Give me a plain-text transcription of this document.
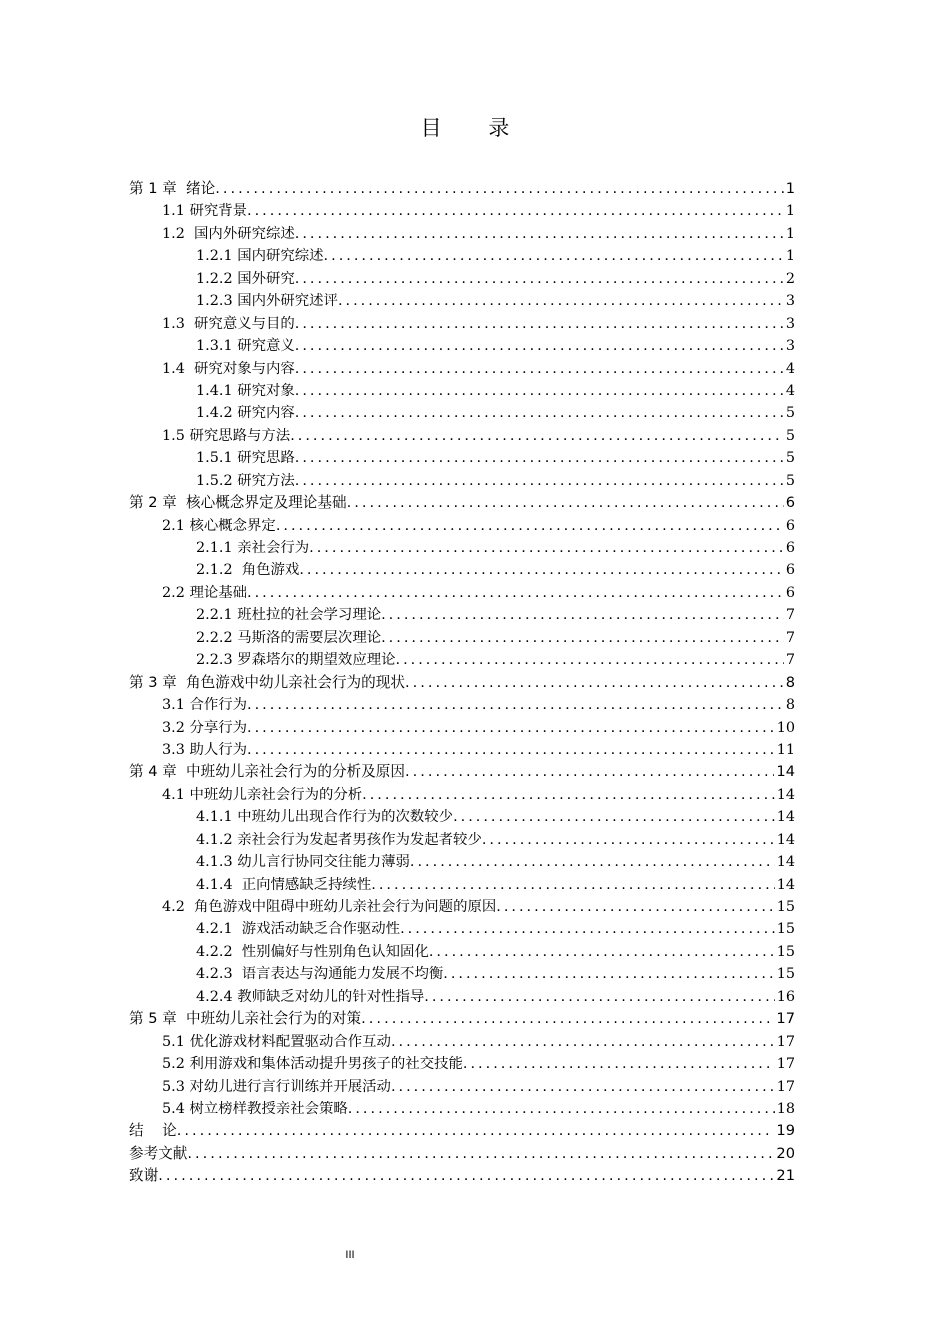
目 录
第 1 章  绪论 .....	1
1.1 研究背景 .....	1
1.2  国内外研究综述 .....	1
1.2.1 国内研究综述 .....	1
1.2.2 国外研究 .....	2
1.2.3 国内外研究述评 .....	3
1.3  研究意义与目的 .....	3
1.3.1 研究意义 .....	3
1.4  研究对象与内容 .....	4
1.4.1 研究对象 .....	4
1.4.2 研究内容 .....	5
1.5 研究思路与方法 .....	5
1.5.1 研究思路 .....	5
1.5.2 研究方法 .....	5
第 2 章  核心概念界定及理论基础 .....	6
2.1 核心概念界定 .....	6
2.1.1 亲社会行为 .....	6
2.1.2  角色游戏 .....	6
2.2 理论基础 .....	6
2.2.1 班杜拉的社会学习理论 .....	7
2.2.2 马斯洛的需要层次理论 .....	7
2.2.3 罗森塔尔的期望效应理论 .....	7
第 3 章  角色游戏中幼儿亲社会行为的现状 .....	8
3.1 合作行为 .....	8
3.2 分享行为 .....	10
3.3 助人行为 .....	11
第 4 章  中班幼儿亲社会行为的分析及原因 .....	14
4.1 中班幼儿亲社会行为的分析 .....	14
4.1.1 中班幼儿出现合作行为的次数较少 .....	14
4.1.2 亲社会行为发起者男孩作为发起者较少 .....	14
4.1.3 幼儿言行协同交往能力薄弱 .....	14
4.1.4  正向情感缺乏持续性 .....	14
4.2  角色游戏中阻碍中班幼儿亲社会行为问题的原因 .....	15
4.2.1  游戏活动缺乏合作驱动性 .....	15
4.2.2  性别偏好与性别角色认知固化 .....	15
4.2.3  语言表达与沟通能力发展不均衡 .....	15
4.2.4 教师缺乏对幼儿的针对性指导 .....	16
第 5 章  中班幼儿亲社会行为的对策 .....	17
5.1 优化游戏材料配置驱动合作互动 .....	17
5.2 利用游戏和集体活动提升男孩子的社交技能 .....	17
5.3 对幼儿进行言行训练并开展活动 .....	17
5.4 树立榜样教授亲社会策略 .....	18
结    论 .....	19
参考文献 .....	20
致谢 .....	21
III
